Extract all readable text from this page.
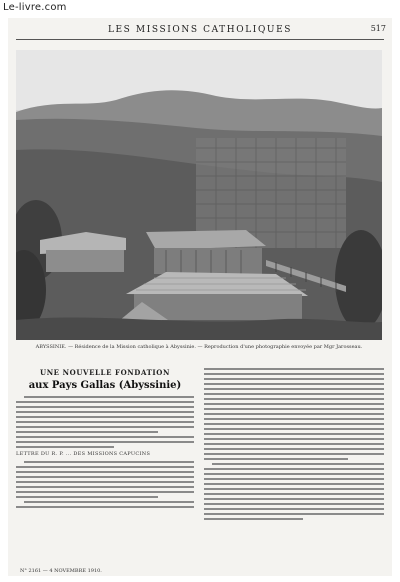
Le-livre.com
LES MISSIONS CATHOLIQUES	517
ABYSSINIE. — Résidence de la Mission catholique à Abyssinie. — Reproduction d'une photographie envoyée par Mgr Jarosseau.
UNE NOUVELLE FONDATION
aux Pays Gallas (Abyssinie)
LETTRE DU R. P. ... DES MISSIONS CAPUCINS
N° 2161 — 4 NOVEMBRE 1910.
